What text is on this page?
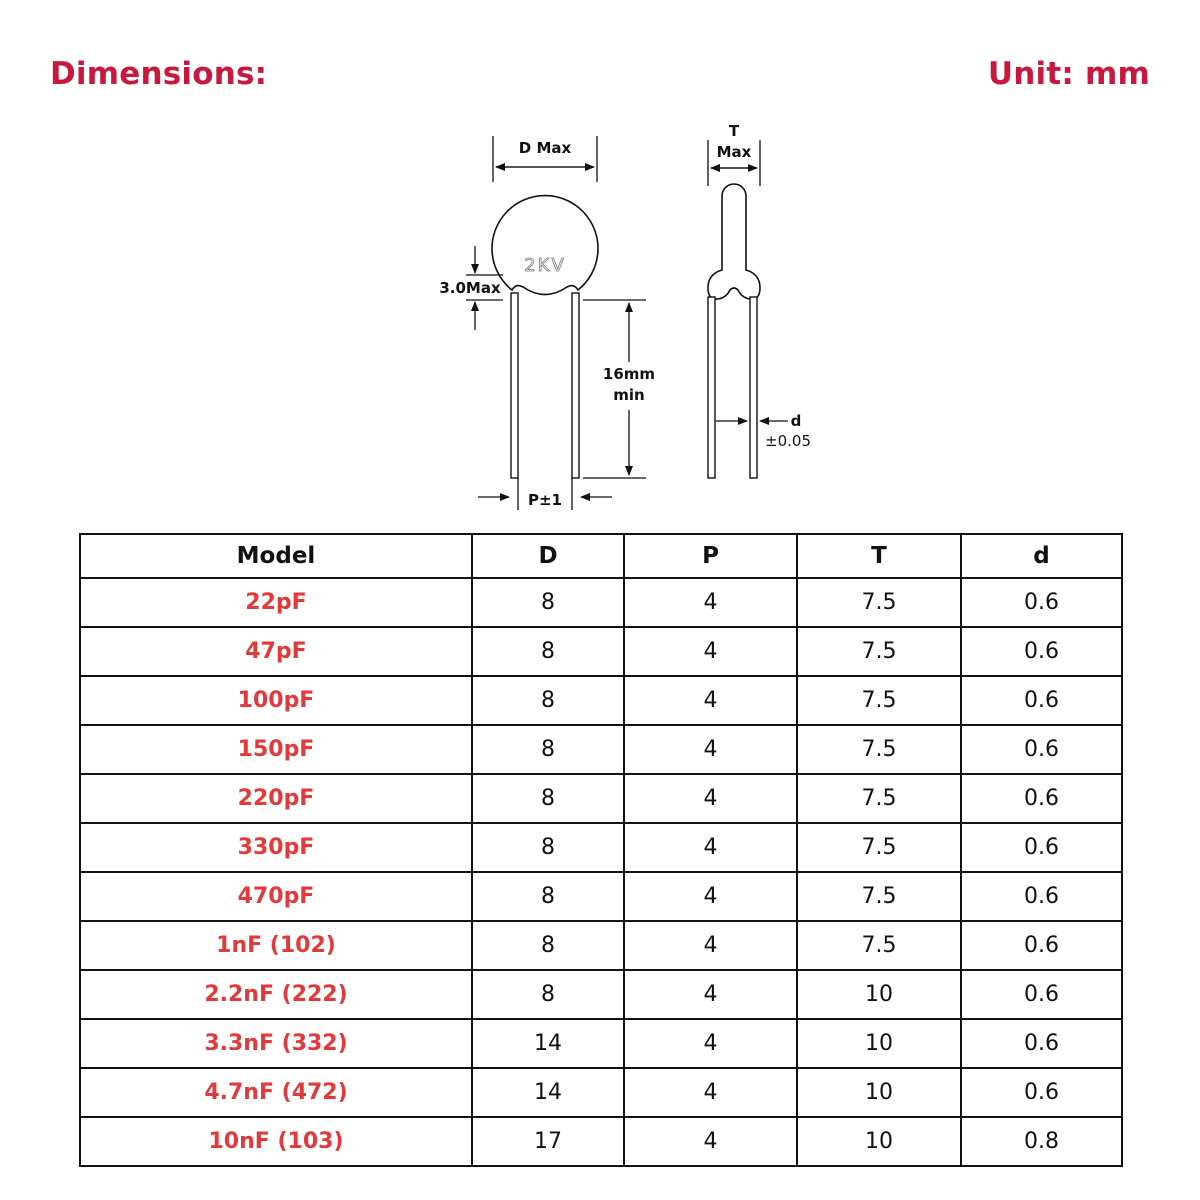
Dimensions:	Unit: mm
D Max
2KV
3.0Max
16mm
min
P±1
T
Max
d
±0.05
Model	D	P	T	d
22pF	8	4	7.5	0.6
47pF	8	4	7.5	0.6
100pF	8	4	7.5	0.6
150pF	8	4	7.5	0.6
220pF	8	4	7.5	0.6
330pF	8	4	7.5	0.6
470pF	8	4	7.5	0.6
1nF (102)	8	4	7.5	0.6
2.2nF (222)	8	4	10	0.6
3.3nF (332)	14	4	10	0.6
4.7nF (472)	14	4	10	0.6
10nF (103)	17	4	10	0.8
